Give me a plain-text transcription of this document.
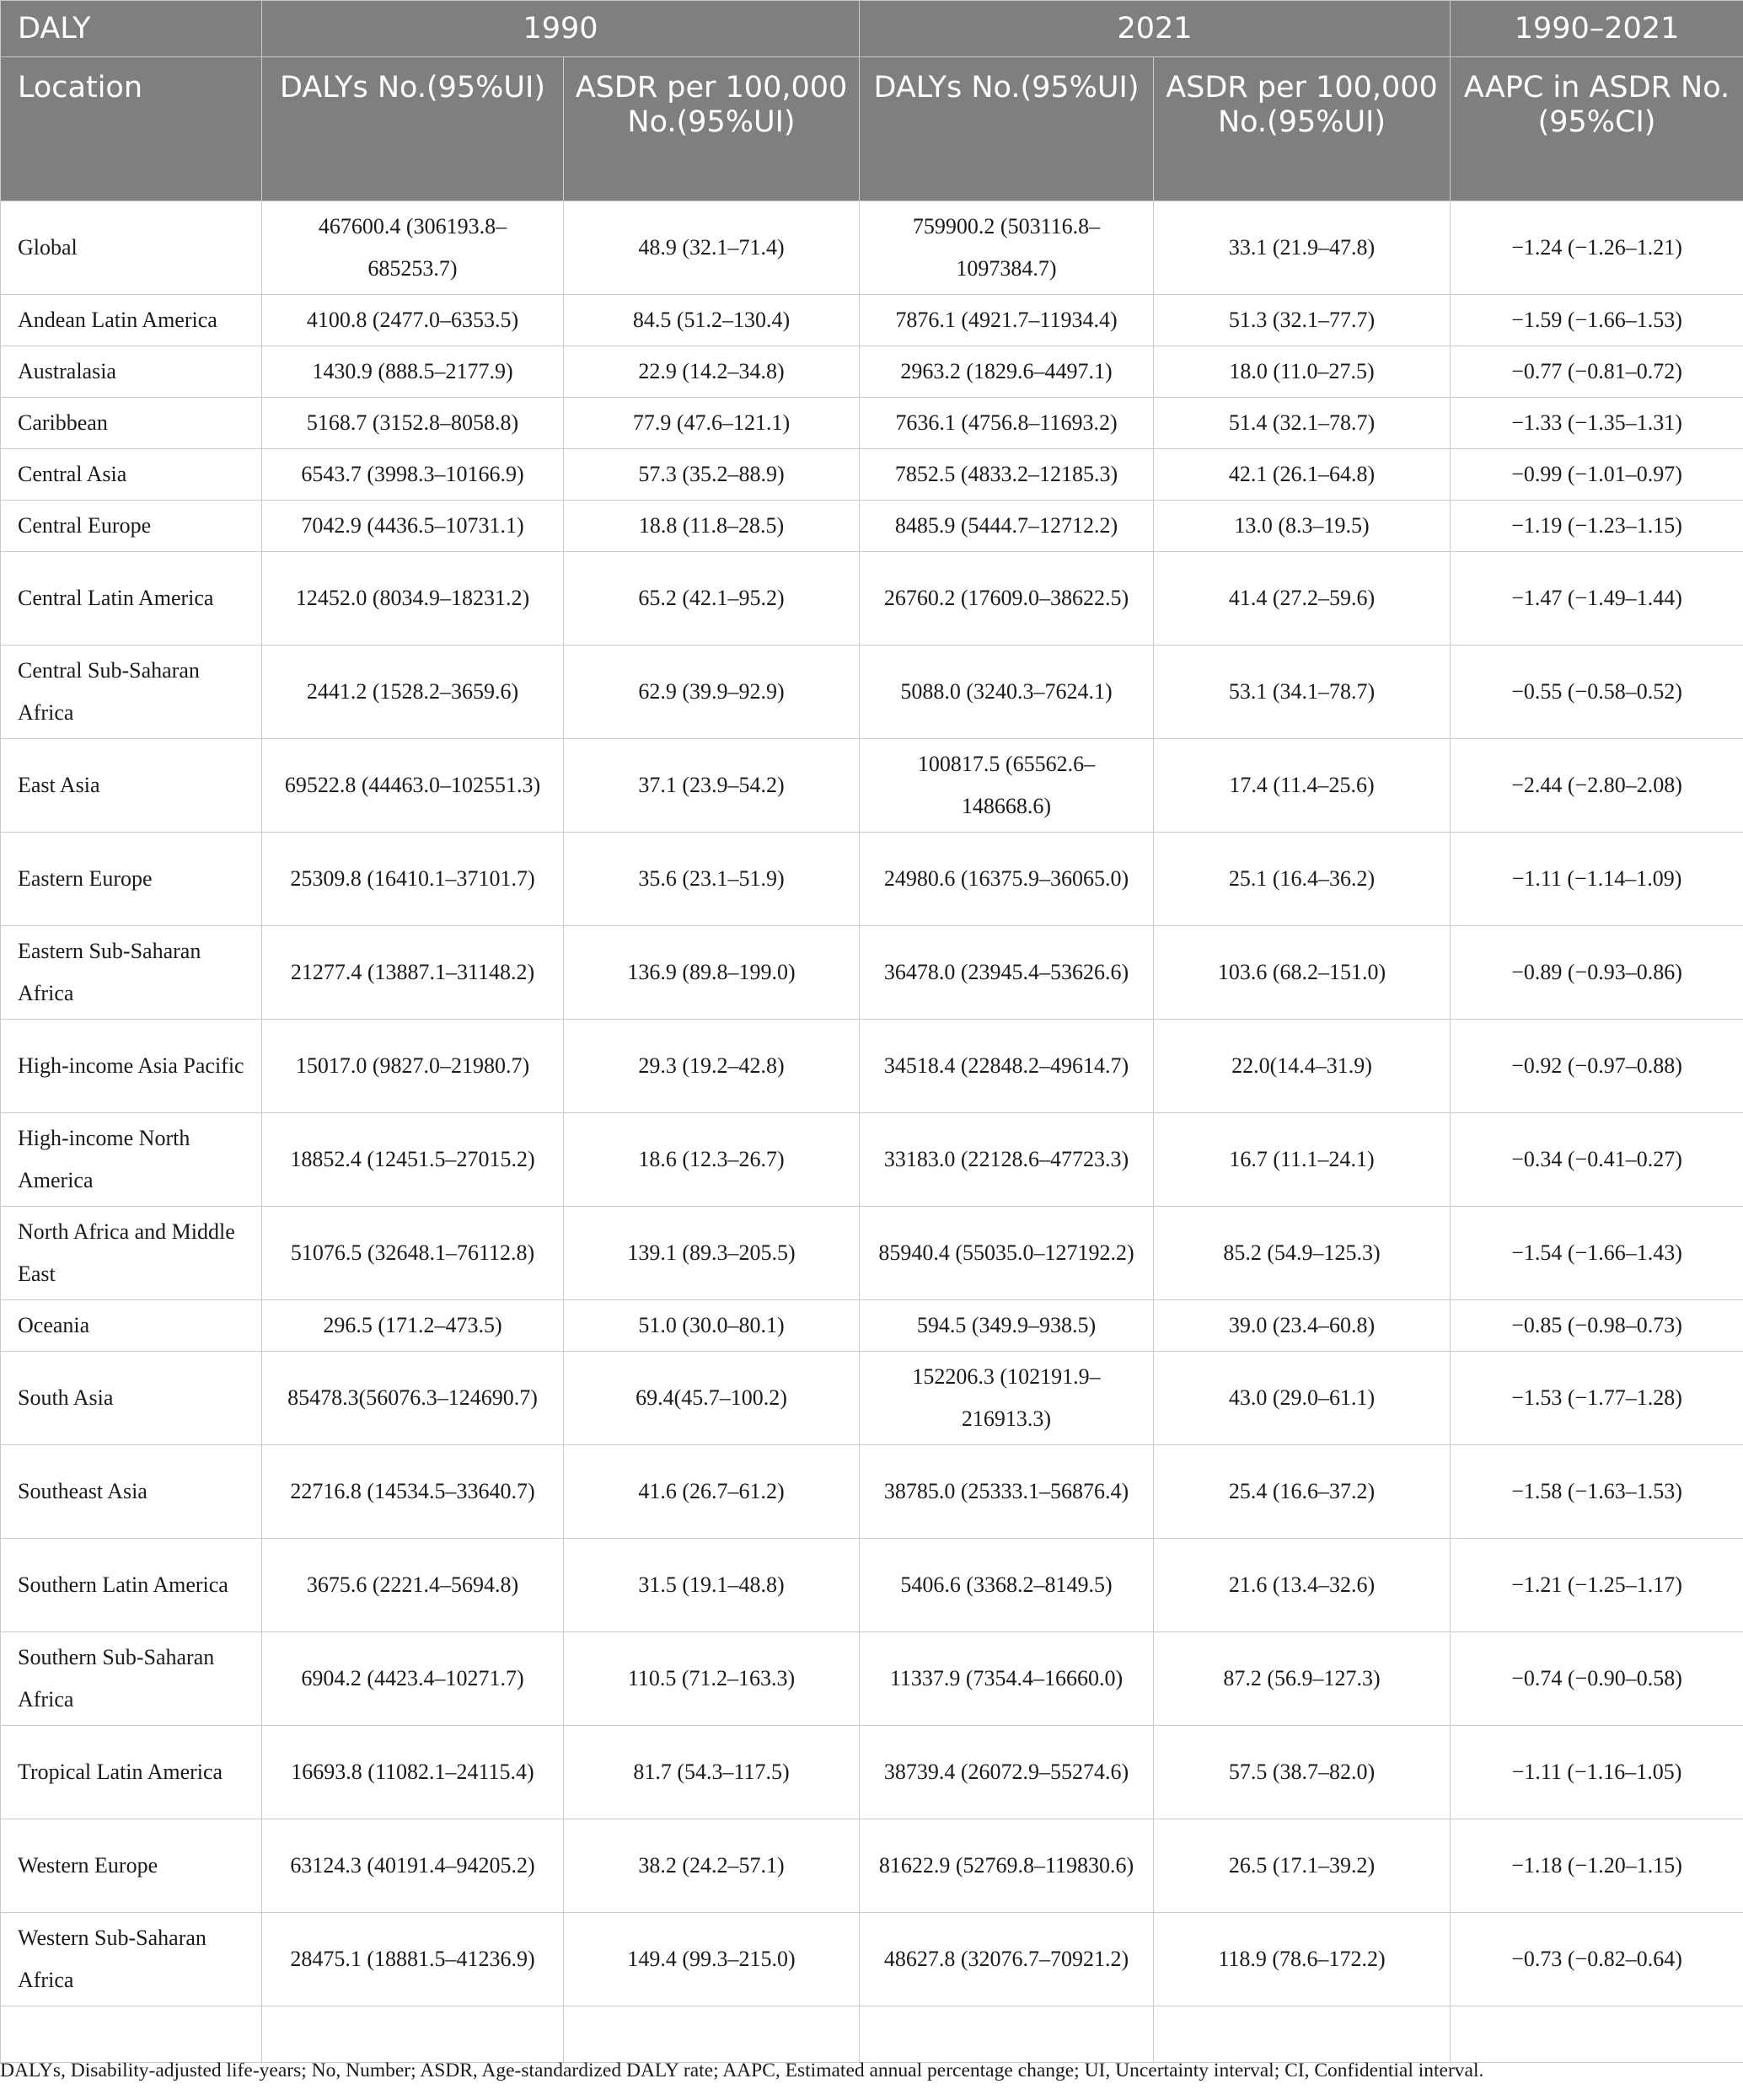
DALY	1990		2021		1990–2021
Location	DALYs No.(95%UI)	ASDR per 100,000 No.(95%UI)	DALYs No.(95%UI)	ASDR per 100,000 No.(95%UI)	AAPC in ASDR No.(95%CI)
Global	467600.4 (306193.8–685253.7)	48.9 (32.1–71.4)	759900.2 (503116.8–1097384.7)	33.1 (21.9–47.8)	−1.24 (−1.26–1.21)
Andean Latin America	4100.8 (2477.0–6353.5)	84.5 (51.2–130.4)	7876.1 (4921.7–11934.4)	51.3 (32.1–77.7)	−1.59 (−1.66–1.53)
Australasia	1430.9 (888.5–2177.9)	22.9 (14.2–34.8)	2963.2 (1829.6–4497.1)	18.0 (11.0–27.5)	−0.77 (−0.81–0.72)
Caribbean	5168.7 (3152.8–8058.8)	77.9 (47.6–121.1)	7636.1 (4756.8–11693.2)	51.4 (32.1–78.7)	−1.33 (−1.35–1.31)
Central Asia	6543.7 (3998.3–10166.9)	57.3 (35.2–88.9)	7852.5 (4833.2–12185.3)	42.1 (26.1–64.8)	−0.99 (−1.01–0.97)
Central Europe	7042.9 (4436.5–10731.1)	18.8 (11.8–28.5)	8485.9 (5444.7–12712.2)	13.0 (8.3–19.5)	−1.19 (−1.23–1.15)
Central Latin America	12452.0 (8034.9–18231.2)	65.2 (42.1–95.2)	26760.2 (17609.0–38622.5)	41.4 (27.2–59.6)	−1.47 (−1.49–1.44)
Central Sub-Saharan Africa	2441.2 (1528.2–3659.6)	62.9 (39.9–92.9)	5088.0 (3240.3–7624.1)	53.1 (34.1–78.7)	−0.55 (−0.58–0.52)
East Asia	69522.8 (44463.0–102551.3)	37.1 (23.9–54.2)	100817.5 (65562.6–148668.6)	17.4 (11.4–25.6)	−2.44 (−2.80–2.08)
Eastern Europe	25309.8 (16410.1–37101.7)	35.6 (23.1–51.9)	24980.6 (16375.9–36065.0)	25.1 (16.4–36.2)	−1.11 (−1.14–1.09)
Eastern Sub-Saharan Africa	21277.4 (13887.1–31148.2)	136.9 (89.8–199.0)	36478.0 (23945.4–53626.6)	103.6 (68.2–151.0)	−0.89 (−0.93–0.86)
High-income Asia Pacific	15017.0 (9827.0–21980.7)	29.3 (19.2–42.8)	34518.4 (22848.2–49614.7)	22.0(14.4–31.9)	−0.92 (−0.97–0.88)
High-income North America	18852.4 (12451.5–27015.2)	18.6 (12.3–26.7)	33183.0 (22128.6–47723.3)	16.7 (11.1–24.1)	−0.34 (−0.41–0.27)
North Africa and Middle East	51076.5 (32648.1–76112.8)	139.1 (89.3–205.5)	85940.4 (55035.0–127192.2)	85.2 (54.9–125.3)	−1.54 (−1.66–1.43)
Oceania	296.5 (171.2–473.5)	51.0 (30.0–80.1)	594.5 (349.9–938.5)	39.0 (23.4–60.8)	−0.85 (−0.98–0.73)
South Asia	85478.3(56076.3–124690.7)	69.4(45.7–100.2)	152206.3 (102191.9–216913.3)	43.0 (29.0–61.1)	−1.53 (−1.77–1.28)
Southeast Asia	22716.8 (14534.5–33640.7)	41.6 (26.7–61.2)	38785.0 (25333.1–56876.4)	25.4 (16.6–37.2)	−1.58 (−1.63–1.53)
Southern Latin America	3675.6 (2221.4–5694.8)	31.5 (19.1–48.8)	5406.6 (3368.2–8149.5)	21.6 (13.4–32.6)	−1.21 (−1.25–1.17)
Southern Sub-Saharan Africa	6904.2 (4423.4–10271.7)	110.5 (71.2–163.3)	11337.9 (7354.4–16660.0)	87.2 (56.9–127.3)	−0.74 (−0.90–0.58)
Tropical Latin America	16693.8 (11082.1–24115.4)	81.7 (54.3–117.5)	38739.4 (26072.9–55274.6)	57.5 (38.7–82.0)	−1.11 (−1.16–1.05)
Western Europe	63124.3 (40191.4–94205.2)	38.2 (24.2–57.1)	81622.9 (52769.8–119830.6)	26.5 (17.1–39.2)	−1.18 (−1.20–1.15)
Western Sub-Saharan Africa	28475.1 (18881.5–41236.9)	149.4 (99.3–215.0)	48627.8 (32076.7–70921.2)	118.9 (78.6–172.2)	−0.73 (−0.82–0.64)

DALYs, Disability-adjusted life-years; No, Number; ASDR, Age-standardized DALY rate; AAPC, Estimated annual percentage change; UI, Uncertainty interval; CI, Confidential interval.
